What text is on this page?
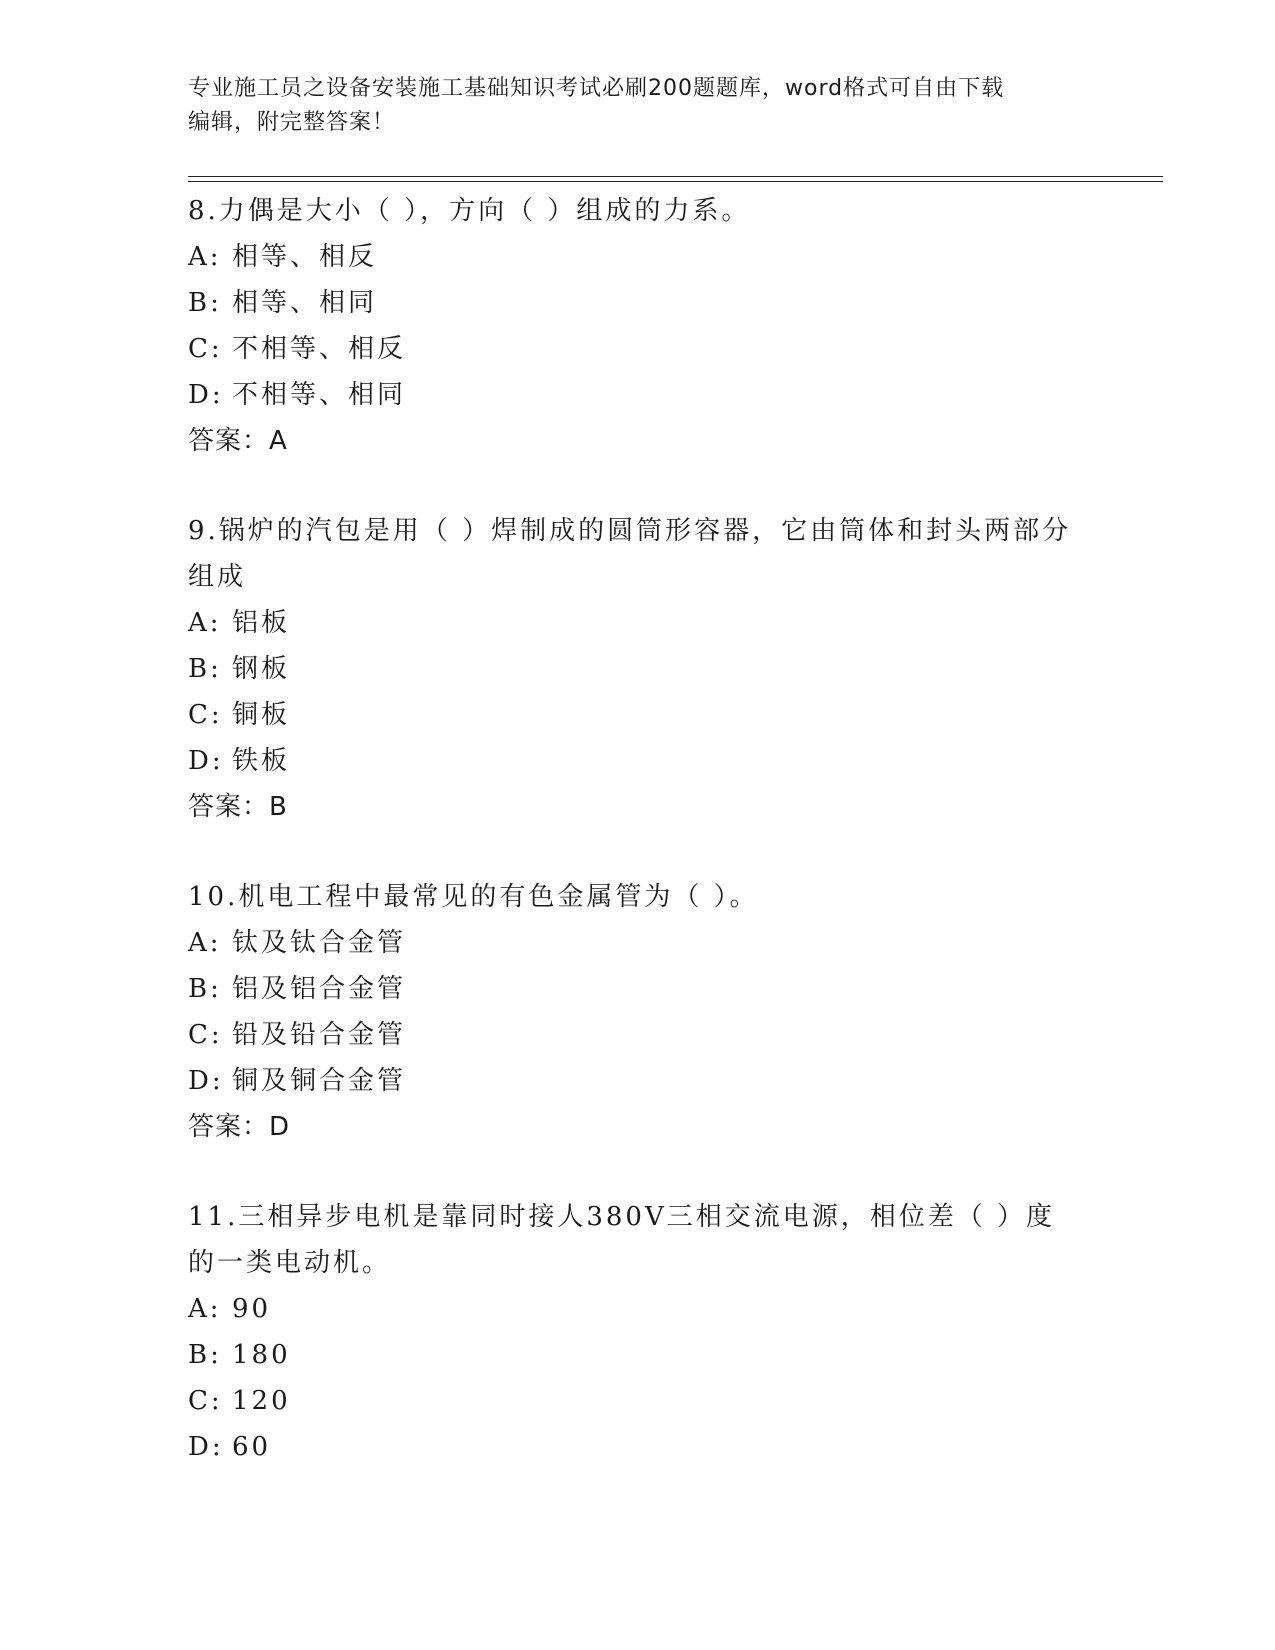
专业施工员之设备安装施工基础知识考试必刷200题题库，word格式可自由下载
编辑，附完整答案！
8.力偶是大小（ ），方向（ ）组成的力系。
A: 相等、相反
B: 相等、相同
C: 不相等、相反
D: 不相等、相同
答案：A
9.锅炉的汽包是用（ ）焊制成的圆筒形容器，它由筒体和封头两部分组成
A: 铝板
B: 钢板
C: 铜板
D: 铁板
答案：B
10.机电工程中最常见的有色金属管为（ ）。
A: 钛及钛合金管
B: 铝及铝合金管
C: 铅及铅合金管
D: 铜及铜合金管
答案：D
11.三相异步电机是靠同时接人380V三相交流电源，相位差（ ）度的一类电动机。
A: 90
B: 180
C: 120
D: 60
